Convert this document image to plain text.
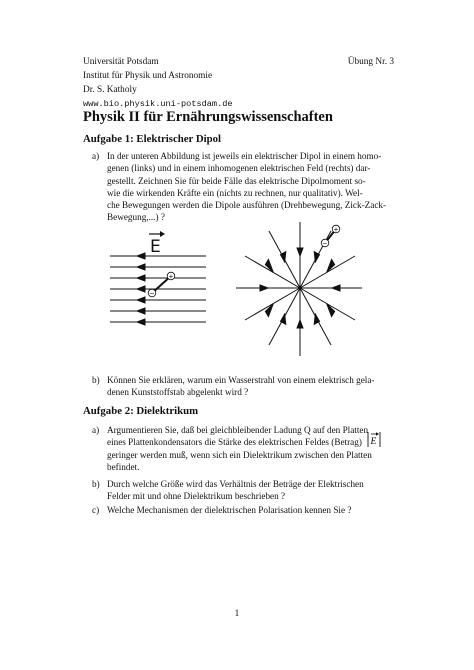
Universität Potsdam
Institut für Physik und Astronomie
Dr. S. Katholy
www.bio.physik.uni-potsdam.de
Übung Nr. 3
Physik II für Ernährungswissenschaften
Aufgabe 1: Elektrischer Dipol
a) In der unteren Abbildung ist jeweils ein elektrischer Dipol in einem homo-

genen (links) und in einem inhomogenen elektrischen Feld (rechts) dar-

gestellt. Zeichnen Sie für beide Fälle das elektrische Dipolmoment so-

wie die wirkenden Kräfte ein (nichts zu rechnen, nur qualitativ). Wel-

che Bewegungen werden die Dipole ausführen (Drehbewegung, Zick-Zack-

Bewegung,...) ?

E
+
−
+
−
E
b) Können Sie erklären, warum ein Wasserstrahl von einem elektrisch gela-

denen Kunststoffstab abgelenkt wird ?

Aufgabe 2: Dielektrikum
a) Argumentieren Sie, daß bei gleichbleibender Ladung Q auf den Platten

eines Plattenkondensators die Stärke des elektrischen Feldes (Betrag)

geringer werden muß, wenn sich ein Dielektrikum zwischen den Platten

befindet.

b) Durch welche Größe wird das Verhältnis der Beträge der Elektrischen

Felder mit und ohne Dielektrikum beschrieben ?

c) Welche Mechanismen der dielektrischen Polarisation kennen Sie ?

1
